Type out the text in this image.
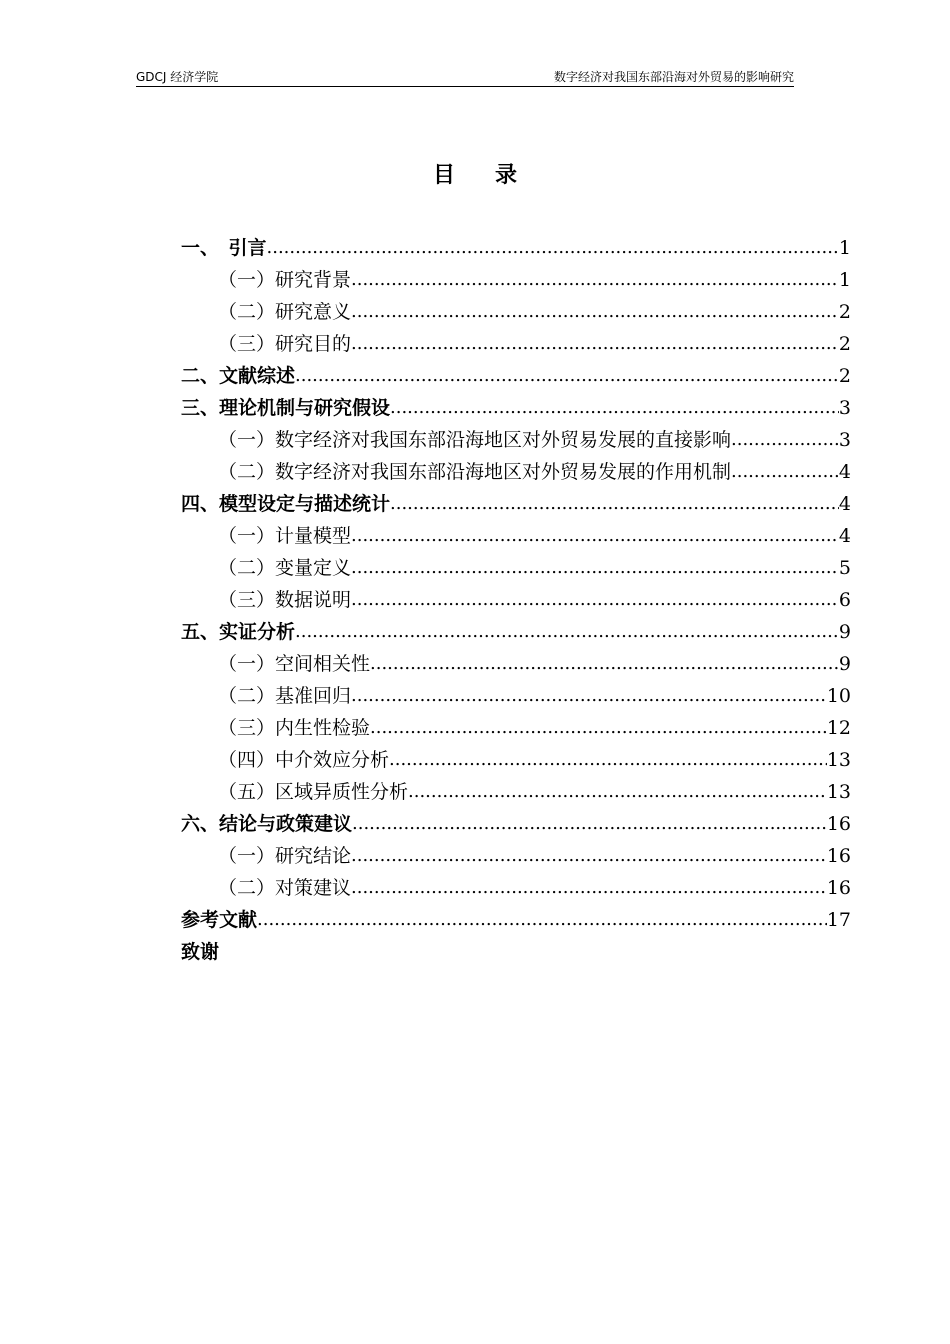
GDCJ 经济学院	数字经济对我国东部沿海对外贸易的影响研究
目录
一、　引言 .....	1
（一）研究背景 .....	1
（二）研究意义 .....	2
（三）研究目的 .....	2
二、文献综述 .....	2
三、理论机制与研究假设 .....	3
（一）数字经济对我国东部沿海地区对外贸易发展的直接影响 .....	3
（二）数字经济对我国东部沿海地区对外贸易发展的作用机制 .....	4
四、模型设定与描述统计 .....	4
（一）计量模型 .....	4
（二）变量定义 .....	5
（三）数据说明 .....	6
五、实证分析 .....	9
（一）空间相关性 .....	9
（二）基准回归 .....	10
（三）内生性检验 .....	12
（四）中介效应分析 .....	13
（五）区域异质性分析 .....	13
六、结论与政策建议 .....	16
（一）研究结论 .....	16
（二）对策建议 .....	16
参考文献 .....	17
致谢
